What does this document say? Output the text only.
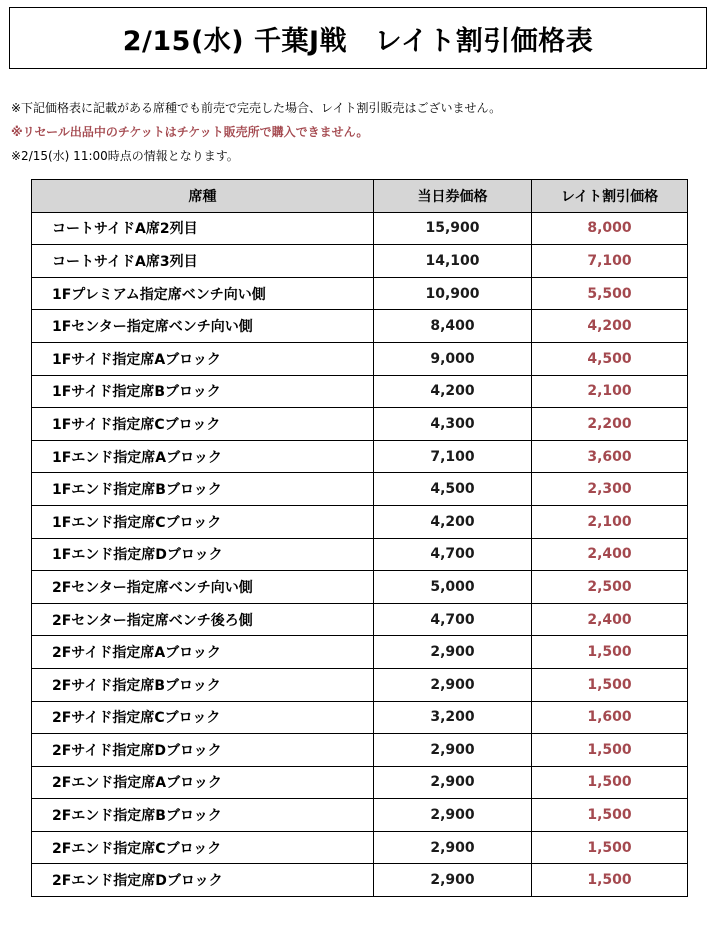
2/15(水) 千葉J戦　レイト割引価格表
※下記価格表に記載がある席種でも前売で完売した場合、レイト割引販売はございません。
※リセール出品中のチケットはチケット販売所で購入できません。
※2/15(水) 11:00時点の情報となります。
席種	当日券価格	レイト割引価格
コートサイドA席2列目	15,900	8,000
コートサイドA席3列目	14,100	7,100
1Fプレミアム指定席ベンチ向い側	10,900	5,500
1Fセンター指定席ベンチ向い側	8,400	4,200
1Fサイド指定席Aブロック	9,000	4,500
1Fサイド指定席Bブロック	4,200	2,100
1Fサイド指定席Cブロック	4,300	2,200
1Fエンド指定席Aブロック	7,100	3,600
1Fエンド指定席Bブロック	4,500	2,300
1Fエンド指定席Cブロック	4,200	2,100
1Fエンド指定席Dブロック	4,700	2,400
2Fセンター指定席ベンチ向い側	5,000	2,500
2Fセンター指定席ベンチ後ろ側	4,700	2,400
2Fサイド指定席Aブロック	2,900	1,500
2Fサイド指定席Bブロック	2,900	1,500
2Fサイド指定席Cブロック	3,200	1,600
2Fサイド指定席Dブロック	2,900	1,500
2Fエンド指定席Aブロック	2,900	1,500
2Fエンド指定席Bブロック	2,900	1,500
2Fエンド指定席Cブロック	2,900	1,500
2Fエンド指定席Dブロック	2,900	1,500
